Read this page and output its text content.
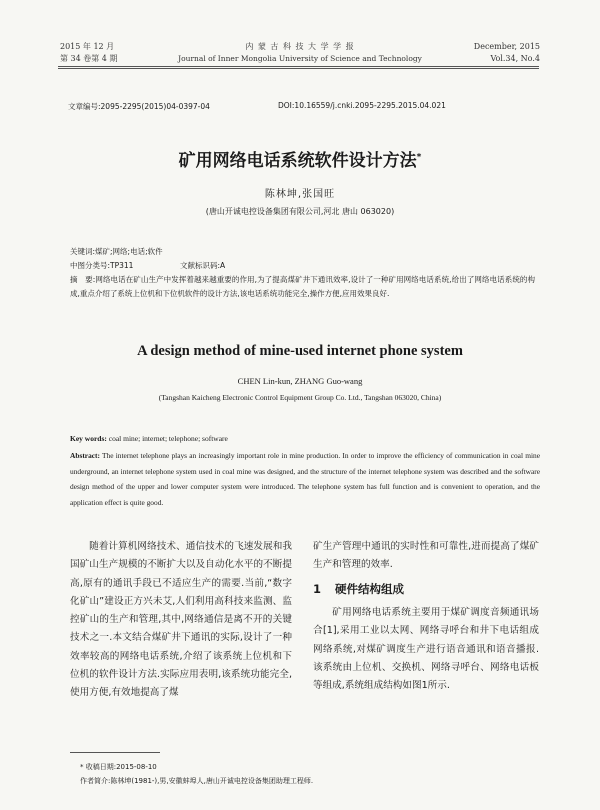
2015 年 12 月
第 34 卷第 4 期
内 蒙 古 科 技 大 学 学 报
Journal of Inner Mongolia University of Science and Technology
December, 2015
Vol.34, No.4
文章编号:2095-2295(2015)04-0397-04	DOI:10.16559/j.cnki.2095-2295.2015.04.021
矿用网络电话系统软件设计方法*
陈林坤,张国旺
(唐山开诚电控设备集团有限公司,河北 唐山 063020)
关键词:煤矿;网络;电话;软件
中图分类号:TP311	文献标识码:A
摘　要:网络电话在矿山生产中发挥着越来越重要的作用,为了提高煤矿井下通讯效率,设计了一种矿用网络电话系统,给出了网络电话系统的构成,重点介绍了系统上位机和下位机软件的设计方法,该电话系统功能完全,操作方便,应用效果良好.
A design method of mine-used internet phone system
CHEN Lin-kun, ZHANG Guo-wang
(Tangshan Kaicheng Electronic Control Equipment Group Co. Ltd., Tangshan 063020, China)
Key words: coal mine; internet; telephone; software
Abstract: The internet telephone plays an increasingly important role in mine production. In order to improve the efficiency of communication in coal mine underground, an internet telephone system used in coal mine was designed, and the structure of the internet telephone system was described and the software design method of the upper and lower computer system were introduced. The telephone system has full function and is convenient to operation, and the application effect is quite good.
随着计算机网络技术、通信技术的飞速发展和我国矿山生产规模的不断扩大以及自动化水平的不断提高,原有的通讯手段已不适应生产的需要.当前,“数字化矿山”建设正方兴未艾,人们利用高科技来监测、监控矿山的生产和管理,其中,网络通信是离不开的关键技术之一.本文结合煤矿井下通讯的实际,设计了一种效率较高的网络电话系统,介绍了该系统上位机和下位机的软件设计方法.实际应用表明,该系统功能完全,使用方便,有效地提高了煤
矿生产管理中通讯的实时性和可靠性,进而提高了煤矿生产和管理的效率.
1 硬件结构组成
矿用网络电话系统主要用于煤矿调度音频通讯场合[1],采用工业以太网、网络寻呼台和井下电话组成网络系统,对煤矿调度生产进行语音通讯和语音播报.该系统由上位机、交换机、网络寻呼台、网络电话板等组成,系统组成结构如图1所示.
* 收稿日期:2015-08-10
作者简介:陈林坤(1981-),男,安徽蚌埠人,唐山开诚电控设备集团助理工程师.
